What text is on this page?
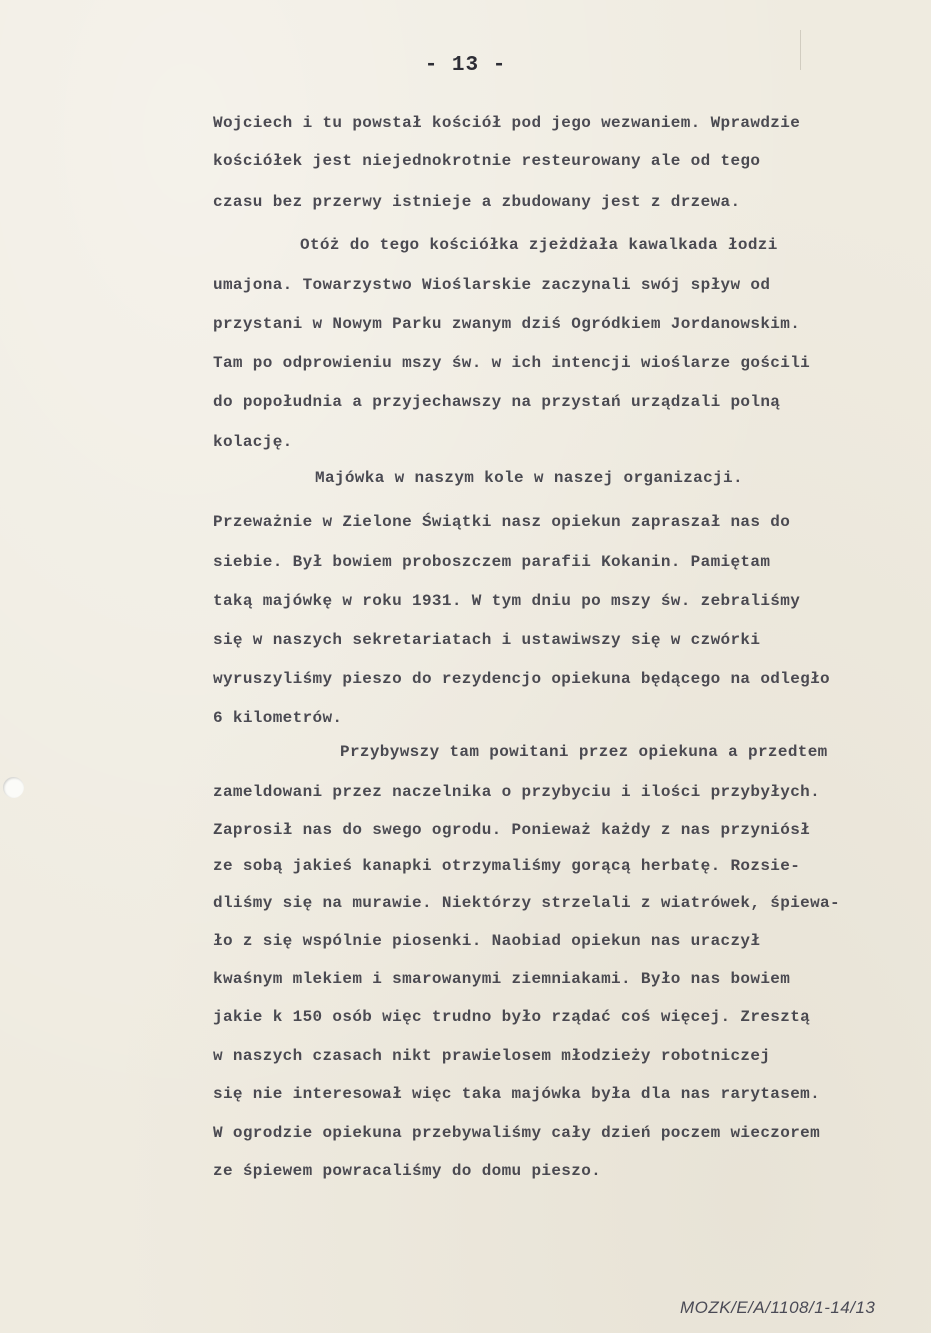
- 13 -
Wojciech i tu powstał kościół pod jego wezwaniem. Wprawdzie
kościółek jest niejednokrotnie resteurowany ale od tego
czasu bez przerwy istnieje a zbudowany jest z drzewa.
Otóż do tego kościółka zjeżdżała kawalkada łodzi
umajona. Towarzystwo Wioślarskie zaczynali swój spływ od
przystani w Nowym Parku zwanym dziś Ogródkiem Jordanowskim.
Tam po odprowieniu mszy św. w ich intencji wioślarze gościli
do popołudnia a przyjechawszy na przystań urządzali polną
kolację.
Majówka w naszym kole w naszej organizacji.
Przeważnie w Zielone Świątki nasz opiekun zapraszał nas do
siebie. Był bowiem proboszczem parafii Kokanin. Pamiętam
taką majówkę w roku 1931. W tym dniu po mszy św. zebraliśmy
się w naszych sekretariatach i ustawiwszy się w czwórki
wyruszyliśmy pieszo do rezydencjo opiekuna będącego na odległo
6 kilometrów.
Przybywszy tam powitani przez opiekuna a przedtem
zameldowani przez naczelnika o przybyciu i ilości przybyłych.
Zaprosił nas do swego ogrodu. Ponieważ każdy z nas przyniósł
ze sobą jakieś kanapki otrzymaliśmy gorącą herbatę. Rozsie-
dliśmy się na murawie. Niektórzy strzelali z wiatrówek, śpiewa-
ło z się wspólnie piosenki. Naobiad opiekun nas uraczył
kwaśnym mlekiem i smarowanymi ziemniakami. Było nas bowiem
jakie k 150 osób więc trudno było rządać coś więcej. Zresztą
w naszych czasach nikt prawielosem młodzieży robotniczej
się nie interesował więc taka majówka była dla nas rarytasem.
W ogrodzie opiekuna przebywaliśmy cały dzień poczem wieczorem
ze śpiewem powracaliśmy do domu pieszo.
MOZK/E/A/1108/1-14/13
